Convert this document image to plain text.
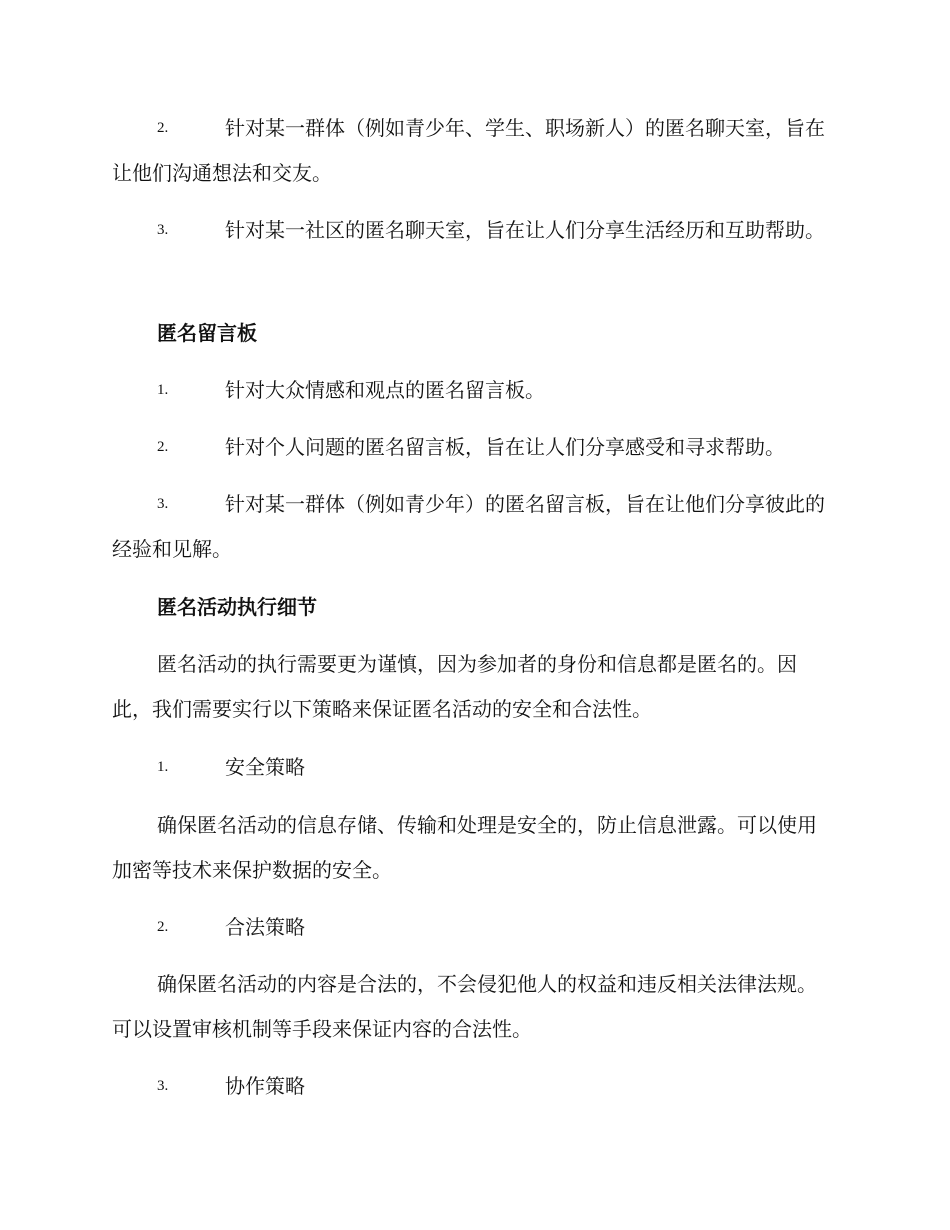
2.	针对某一群体（例如青少年、学生、职场新人）的匿名聊天室，旨在让他们沟通想法和交友。
3.	针对某一社区的匿名聊天室，旨在让人们分享生活经历和互助帮助。
匿名留言板
1.	针对大众情感和观点的匿名留言板。
2.	针对个人问题的匿名留言板，旨在让人们分享感受和寻求帮助。
3.	针对某一群体（例如青少年）的匿名留言板，旨在让他们分享彼此的经验和见解。
匿名活动执行细节
匿名活动的执行需要更为谨慎，因为参加者的身份和信息都是匿名的。因此，我们需要实行以下策略来保证匿名活动的安全和合法性。
1.	安全策略
确保匿名活动的信息存储、传输和处理是安全的，防止信息泄露。可以使用加密等技术来保护数据的安全。
2.	合法策略
确保匿名活动的内容是合法的，不会侵犯他人的权益和违反相关法律法规。可以设置审核机制等手段来保证内容的合法性。
3.	协作策略
